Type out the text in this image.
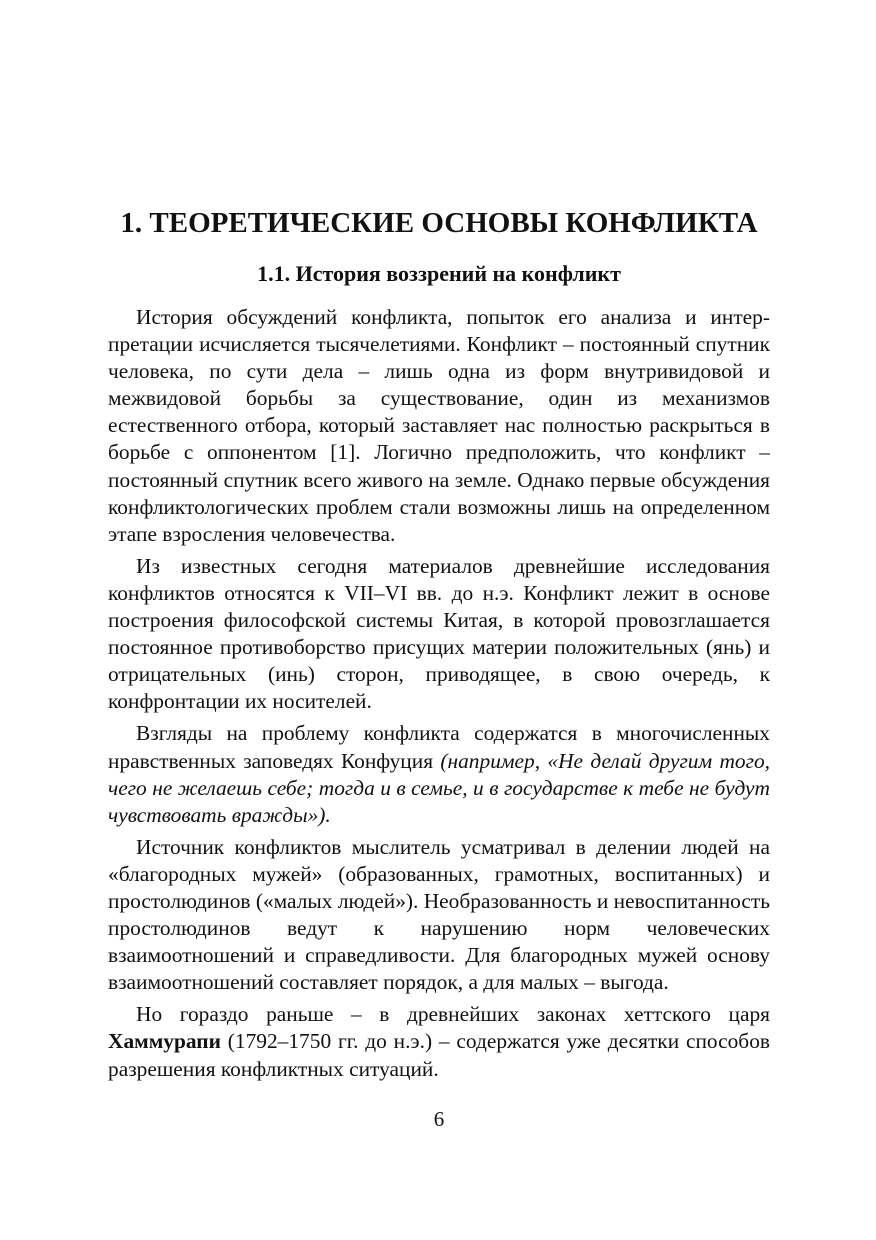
1. ТЕОРЕТИЧЕСКИЕ ОСНОВЫ КОНФЛИКТА
1.1. История воззрений на конфликт

История обсуждений конфликта, попыток его анализа и интерпретации исчисляется тысячелетиями. Конфликт – постоянный спутник человека, по сути дела – лишь одна из форм внутривидовой и межвидовой борьбы за существование, один из механизмов естественного отбора, который заставляет нас полностью раскрыться в борьбе с оппонентом [1]. Логично предположить, что конфликт – постоянный спутник всего живого на земле. Однако первые обсуждения конфликтологических проблем стали возможны лишь на определенном этапе взросления человечества.

Из известных сегодня материалов древнейшие исследования конфликтов относятся к VII–VI вв. до н.э. Конфликт лежит в основе построения философской системы Китая, в которой провозглашается постоянное противоборство присущих материи положительных (янь) и отрицательных (инь) сторон, приводящее, в свою очередь, к конфронтации их носителей.

Взгляды на проблему конфликта содержатся в многочисленных нравственных заповедях Конфуция (например, «Не делай другим того, чего не желаешь себе; тогда и в семье, и в государстве к тебе не будут чувствовать вражды»).

Источник конфликтов мыслитель усматривал в делении людей на «благородных мужей» (образованных, грамотных, воспитанных) и простолюдинов («малых людей»). Необразованность и невоспитанность простолюдинов ведут к нарушению норм человеческих взаимоотношений и справедливости. Для благородных мужей основу взаимоотношений составляет порядок, а для малых – выгода.

Но гораздо раньше – в древнейших законах хеттского царя Хаммурапи (1792–1750 гг. до н.э.) – содержатся уже десятки способов разрешения конфликтных ситуаций.

6
